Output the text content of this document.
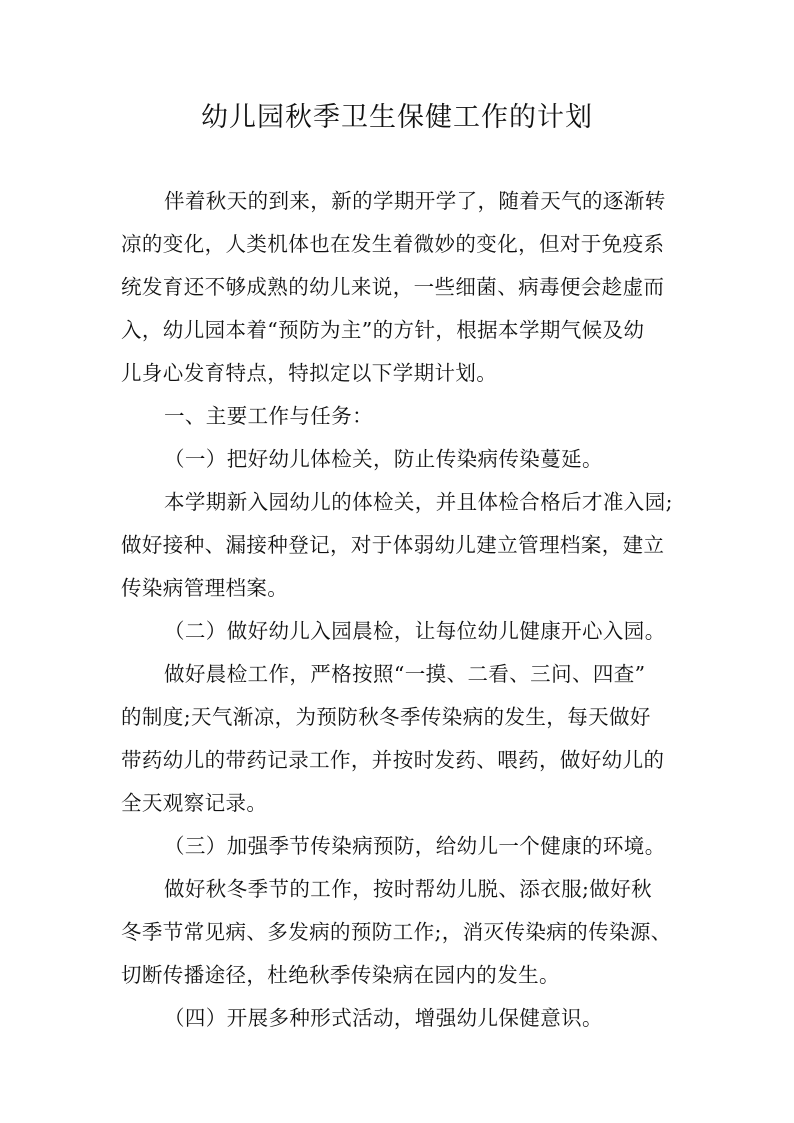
幼儿园秋季卫生保健工作的计划
伴着秋天的到来，新的学期开学了，随着天气的逐渐转
凉的变化，人类机体也在发生着微妙的变化，但对于免疫系
统发育还不够成熟的幼儿来说，一些细菌、病毒便会趁虚而
入，幼儿园本着“预防为主”的方针，根据本学期气候及幼
儿身心发育特点，特拟定以下学期计划。
一、主要工作与任务：
（一）把好幼儿体检关，防止传染病传染蔓延。
本学期新入园幼儿的体检关，并且体检合格后才准入园;
做好接种、漏接种登记，对于体弱幼儿建立管理档案，建立
传染病管理档案。
（二）做好幼儿入园晨检，让每位幼儿健康开心入园。
做好晨检工作，严格按照“一摸、二看、三问、四查”
的制度;天气渐凉，为预防秋冬季传染病的发生，每天做好
带药幼儿的带药记录工作，并按时发药、喂药，做好幼儿的
全天观察记录。
（三）加强季节传染病预防，给幼儿一个健康的环境。
做好秋冬季节的工作，按时帮幼儿脱、添衣服;做好秋
冬季节常见病、多发病的预防工作;，消灭传染病的传染源、
切断传播途径，杜绝秋季传染病在园内的发生。
（四）开展多种形式活动，增强幼儿保健意识。
